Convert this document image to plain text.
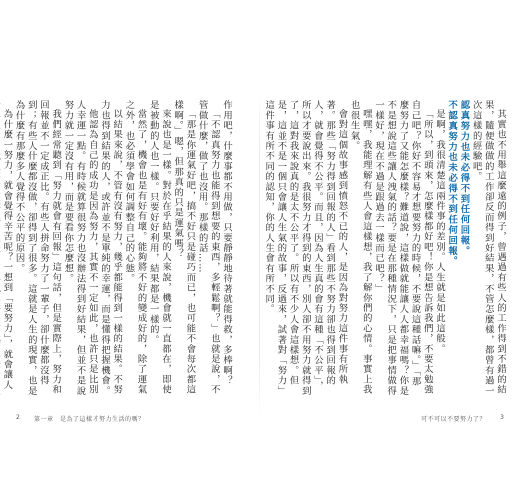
作用吧，什麼事都不用做，只要靜靜地待著就能得救，多棒啊？

「不認真努力也能得到想要的東西，多輕鬆啊？」也就是說，不管做什麼，做了也沒用。那樣的話……

「那是你運氣好吧，搞不好只是碰巧而已，也可能不會每次都這樣啊。」嗯，但那真的只是運氣嗎？

來說也是一樣。對於在乎結果的人來說，機會就一直都在，即使是被動的人也一樣。只要好好利用，結果都是一樣的。

當然了，機會也是有好有壞。能夠將不好的變成好的，除了運氣之外，也必須學會如何調整自己的心態。

以結果來說，不管有沒有努力，幾乎都能得到一樣的結果。不努力也得到結果的人，或許並不是單純的幸運，而是懂得把握機會。

他認為自己的成功是因為努力，其實不一定如此，也許只是比別人幸運一點。有時候就算很努力也沒辦法得到好結果，但並不是說努力就一定沒有用，而是要看你怎麼想。

我們經常聽到「努力就會有回報」這句話，但是實際上，努力和回報並不一定成正比。有些人拼命努力了一輩子，卻什麼都沒得到；有些人什麼都沒做，卻得到了很多。這就是人生的現實，也是為什麼有那麼多人覺得不公平的原因。

為什麼一努力，就會覺得辛苦呢？一想到「要努力」，就會讓人

2 第一章　是為了這樣才努力生活的嗎？

其實也不用舉這麼遠的例子，曾遇過有些人的工作得到不錯的結果，隨便做做的工作卻反而得到好結果，不管怎麼樣，都曾有過一次這樣的經驗吧。

認真努力也未必得不到任何回報。

不認真努力也未必得不到任何回報。

是啊，我很清楚這兩件事的差別。人生就是如此這般。

「所以，到頭來，怎麼樣都好吧！你是想告訴我們，不要太勉強自己吧？你好不容易才想要努力的時候，不要說這種話嘛。」「那麼努力了又能怎麼樣？難道說，這樣做就能讓人人都幸福嗎？你是不是想說這些讓人洩氣的話？要是在那種情況下，只是把事情做得一樣好，現在不過是跟過去一樣而已吧？」

嘿嘿，我能理解有些人會這樣想，我了解你們的心情。事實上我也很生氣。

會對這個故事感到憤怒不已的人，是因為對努力這件事有所執著。那些「努力得到回報的人」看到那些不努力卻也得到回報的人，就會覺得不公平。而且，因為人生真的會有這種「不公平」，所以才要說出來。我很努力才得到的東西，別人卻不用努力就得到了，這對我來說真的是太不公平了。所以有不少人會這樣想。但是，這並不是一個只會讓人生氣的故事，反過來，試著對「努力」這件事有所不同的認知，你的人生會有所不同。

可不可以不要努力了？ 3
